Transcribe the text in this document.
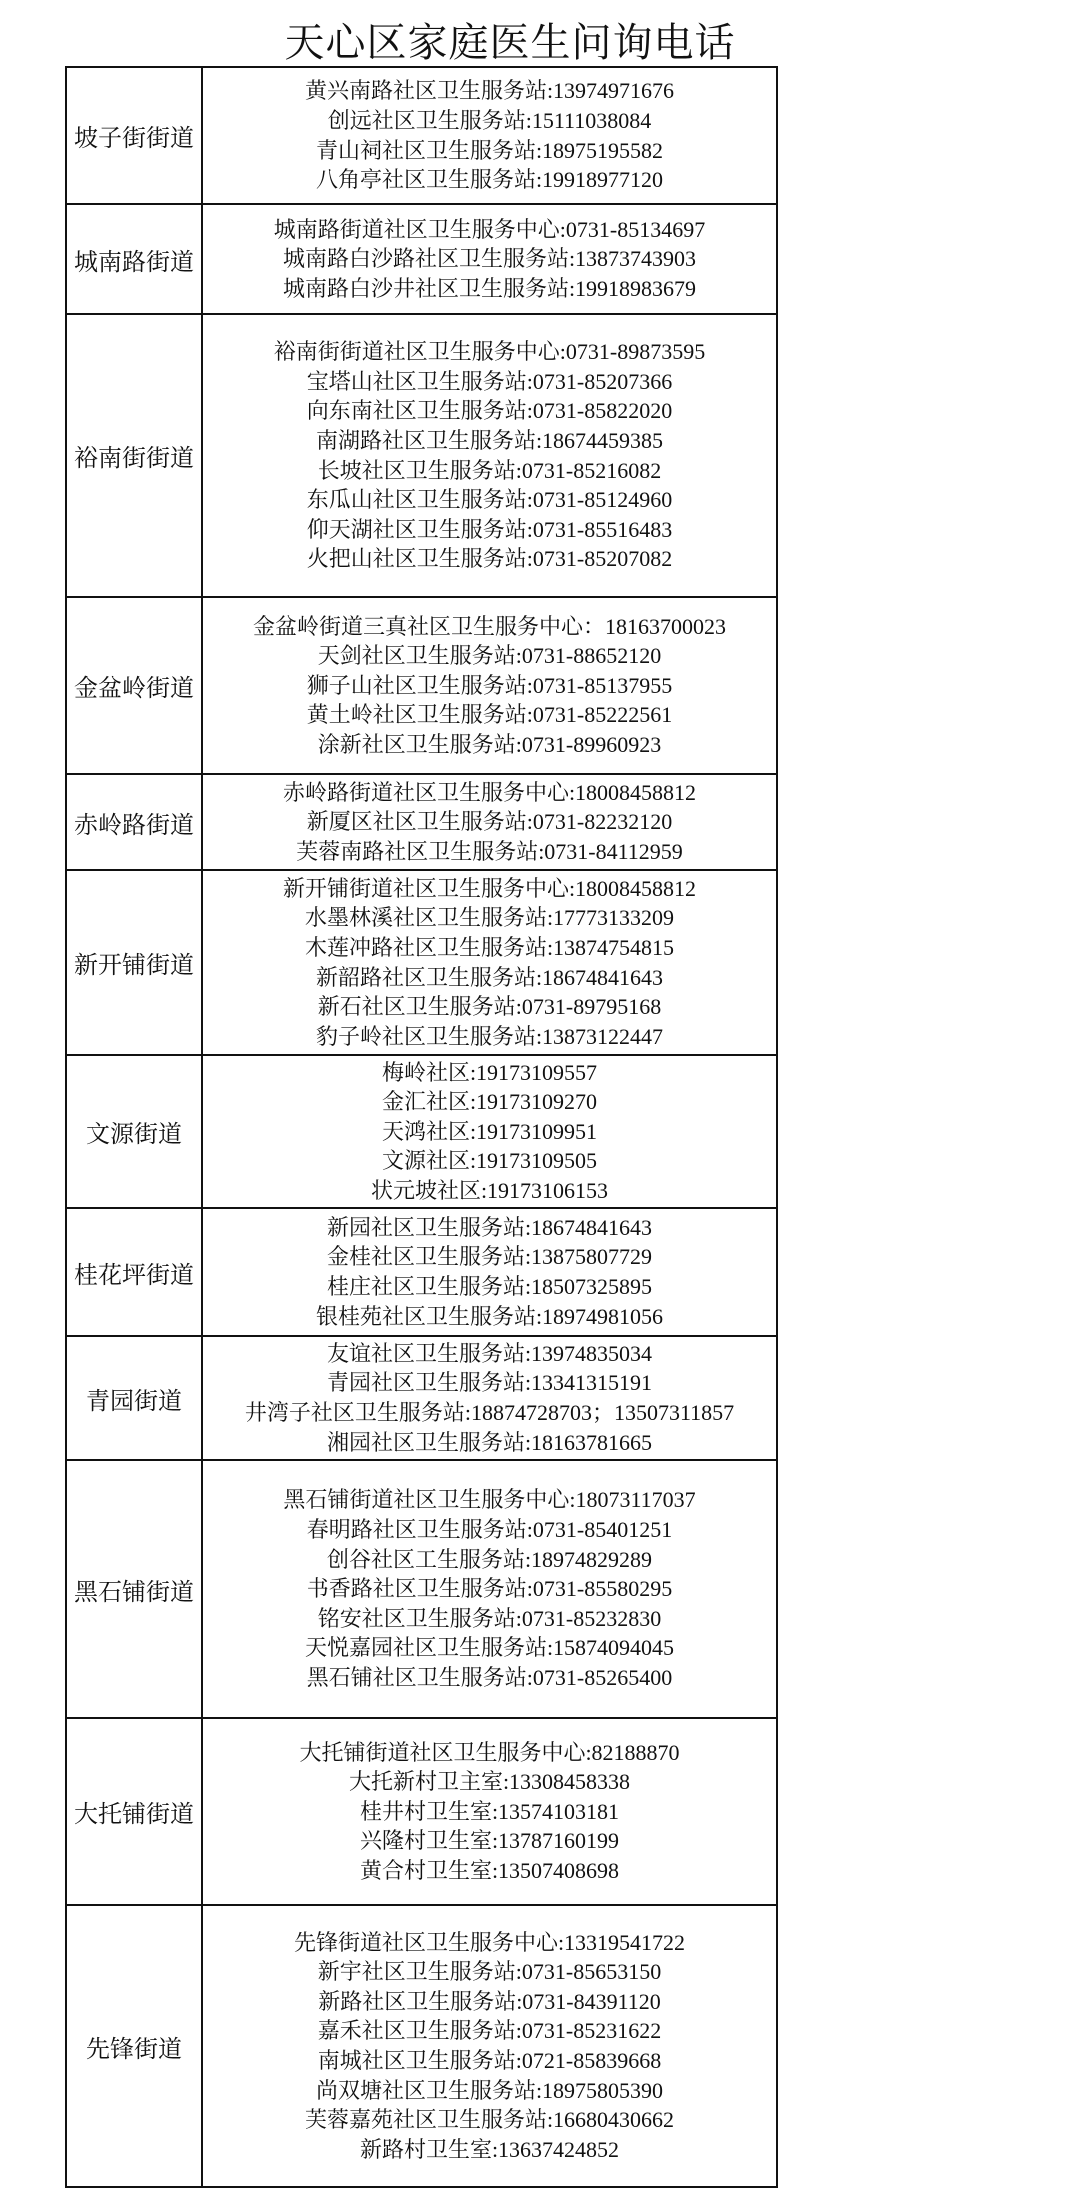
天心区家庭医生问询电话
坡子街街道
黄兴南路社区卫生服务站:13974971676
创远社区卫生服务站:15111038084
青山祠社区卫生服务站:18975195582
八角亭社区卫生服务站:19918977120
城南路街道
城南路街道社区卫生服务中心:0731-85134697
城南路白沙路社区卫生服务站:13873743903
城南路白沙井社区卫生服务站:19918983679
裕南街街道
裕南街街道社区卫生服务中心:0731-89873595
宝塔山社区卫生服务站:0731-85207366
向东南社区卫生服务站:0731-85822020
南湖路社区卫生服务站:18674459385
长坡社区卫生服务站:0731-85216082
东瓜山社区卫生服务站:0731-85124960
仰天湖社区卫生服务站:0731-85516483
火把山社区卫生服务站:0731-85207082
金盆岭街道
金盆岭街道三真社区卫生服务中心：18163700023
天剑社区卫生服务站:0731-88652120
狮子山社区卫生服务站:0731-85137955
黄土岭社区卫生服务站:0731-85222561
涂新社区卫生服务站:0731-89960923
赤岭路街道
赤岭路街道社区卫生服务中心:18008458812
新厦区社区卫生服务站:0731-82232120
芙蓉南路社区卫生服务站:0731-84112959
新开铺街道
新开铺街道社区卫生服务中心:18008458812
水墨林溪社区卫生服务站:17773133209
木莲冲路社区卫生服务站:13874754815
新韶路社区卫生服务站:18674841643
新石社区卫生服务站:0731-89795168
豹子岭社区卫生服务站:13873122447
文源街道
梅岭社区:19173109557
金汇社区:19173109270
天鸿社区:19173109951
文源社区:19173109505
状元坡社区:19173106153
桂花坪街道
新园社区卫生服务站:18674841643
金桂社区卫生服务站:13875807729
桂庄社区卫生服务站:18507325895
银桂苑社区卫生服务站:18974981056
青园街道
友谊社区卫生服务站:13974835034
青园社区卫生服务站:13341315191
井湾子社区卫生服务站:18874728703；13507311857
湘园社区卫生服务站:18163781665
黑石铺街道
黑石铺街道社区卫生服务中心:18073117037
春明路社区卫生服务站:0731-85401251
创谷社区工生服务站:18974829289
书香路社区卫生服务站:0731-85580295
铭安社区卫生服务站:0731-85232830
天悦嘉园社区卫生服务站:15874094045
黑石铺社区卫生服务站:0731-85265400
大托铺街道
大托铺街道社区卫生服务中心:82188870
大托新村卫主室:13308458338
桂井村卫生室:13574103181
兴隆村卫生室:13787160199
黄合村卫生室:13507408698
先锋街道
先锋街道社区卫生服务中心:13319541722
新宇社区卫生服务站:0731-85653150
新路社区卫生服务站:0731-84391120
嘉禾社区卫生服务站:0731-85231622
南城社区卫生服务站:0721-85839668
尚双塘社区卫生服务站:18975805390
芙蓉嘉苑社区卫生服务站:16680430662
新路村卫生室:13637424852
